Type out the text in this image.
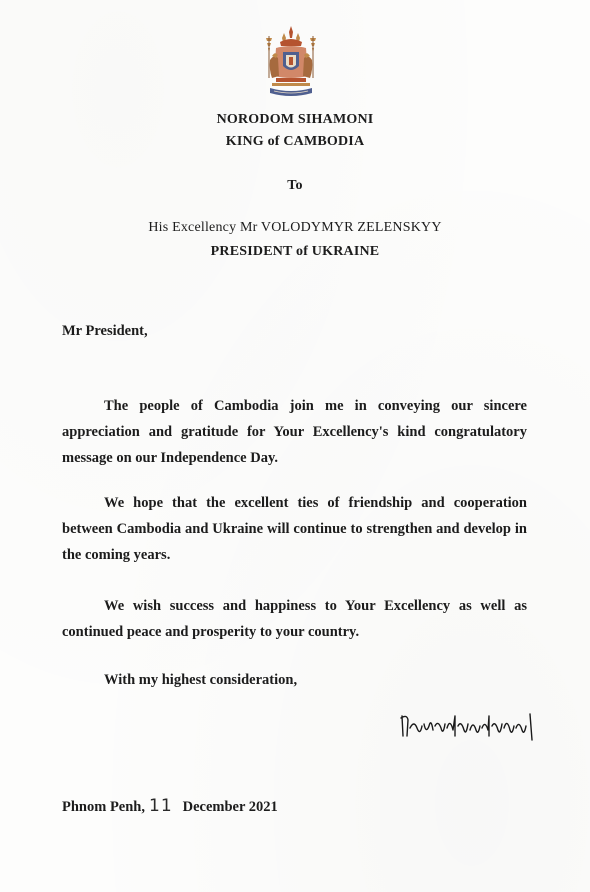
NORODOM SIHAMONI
KING of CAMBODIA
To
His Excellency Mr VOLODYMYR ZELENSKYY
PRESIDENT of UKRAINE
Mr President,
The people of Cambodia join me in conveying our sincere appreciation and gratitude for Your Excellency's kind congratulatory message on our Independence Day.
We hope that the excellent ties of friendship and cooperation between Cambodia and Ukraine will continue to strengthen and develop in the coming years.
We wish success and happiness to Your Excellency as well as continued peace and prosperity to your country.
With my highest consideration,
Phnom Penh, 11 December 2021
